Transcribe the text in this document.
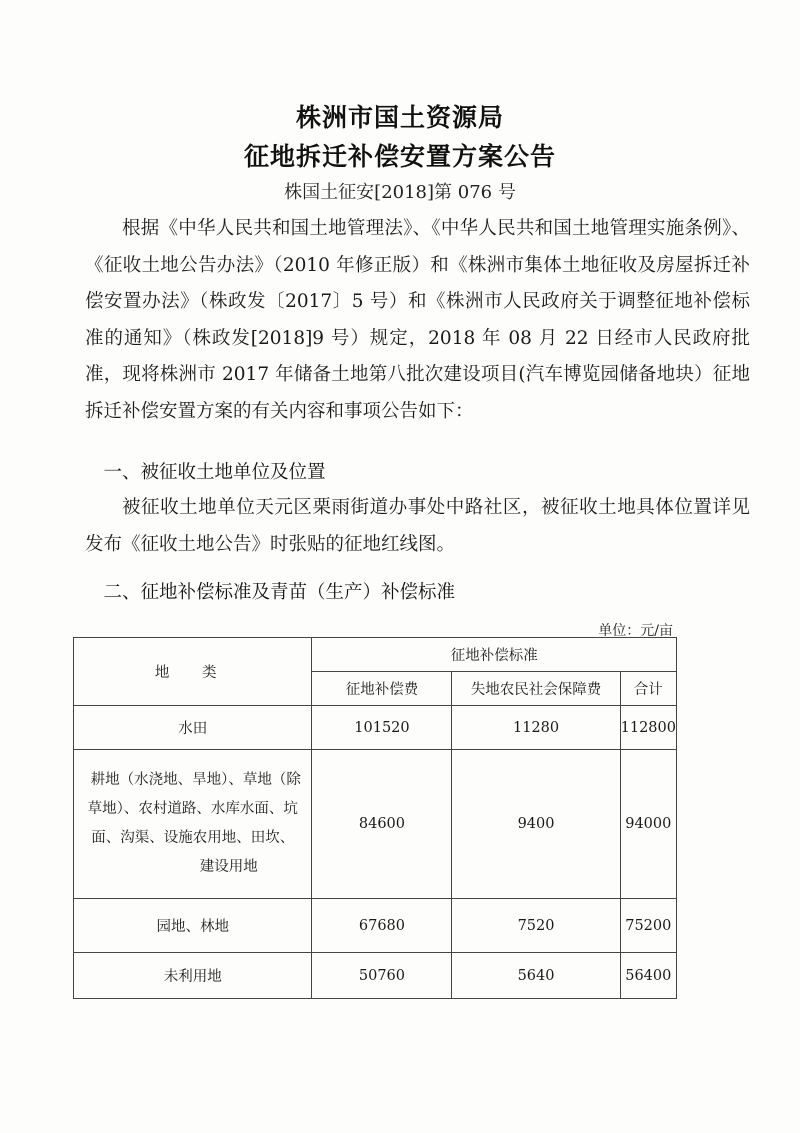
株洲市国土资源局
征地拆迁补偿安置方案公告
株国土征安[2018]第 076 号

根据《中华人民共和国土地管理法》、《中华人民共和国土地管理实施条例》、《征收土地公告办法》（2010 年修正版）和《株洲市集体土地征收及房屋拆迁补偿安置办法》（株政发〔2017〕5 号）和《株洲市人民政府关于调整征地补偿标准的通知》（株政发[2018]9 号）规定，2018 年 08 月 22 日经市人民政府批准，现将株洲市 2017 年储备土地第八批次建设项目(汽车博览园储备地块）征地拆迁补偿安置方案的有关内容和事项公告如下：

一、被征收土地单位及位置

被征收土地单位天元区栗雨街道办事处中路社区，被征收土地具体位置详见发布《征收土地公告》时张贴的征地红线图。

二、征地补偿标准及青苗（生产）补偿标准

单位：元/亩
地 类	征地补偿标准		
	征地补偿费	失地农民社会保障费	合计
水田	101520	11280	112800

耕地（水浇地、旱地）、草地（除
草地）、农村道路、水库水面、坑
面、沟渠、设施农用地、田坎、
建设用地	84600	9400	94000
园地、林地	67680	7520	75200
未利用地	50760	5640	56400
